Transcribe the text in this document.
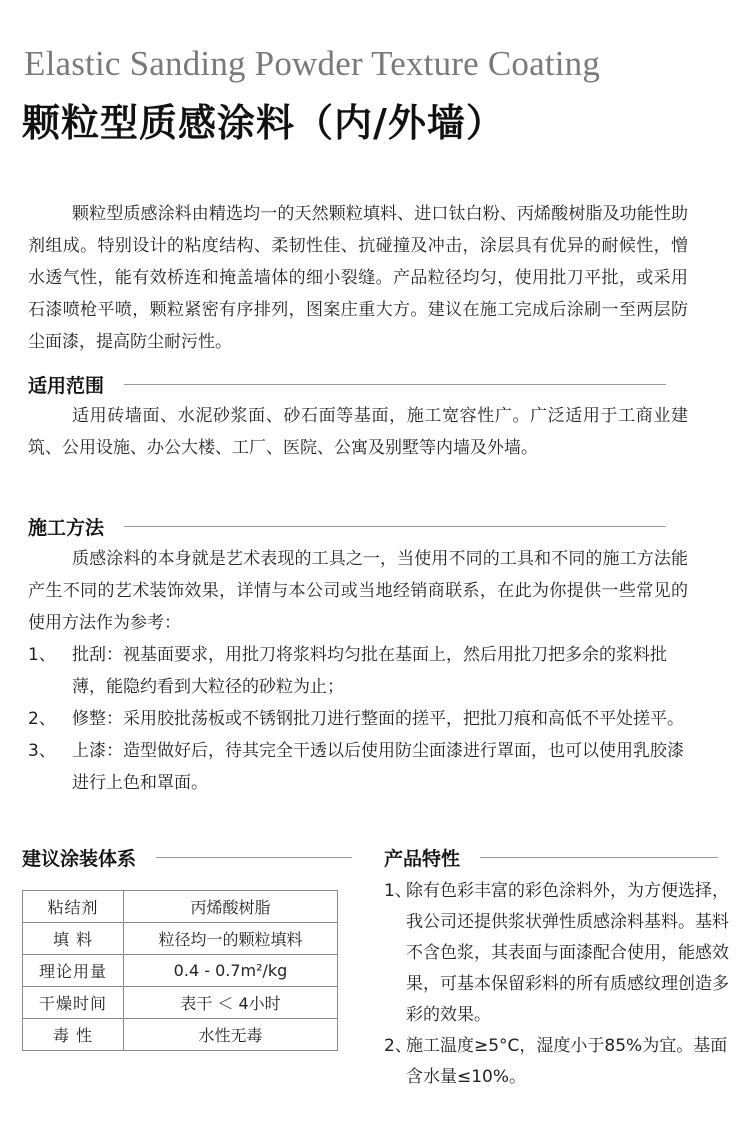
Elastic Sanding Powder Texture Coating
颗粒型质感涂料（内/外墙）
颗粒型质感涂料由精选均一的天然颗粒填料、进口钛白粉、丙烯酸树脂及功能性助剂组成。特别设计的粘度结构、柔韧性佳、抗碰撞及冲击，涂层具有优异的耐候性，憎水透气性，能有效桥连和掩盖墙体的细小裂缝。产品粒径均匀，使用批刀平批，或采用石漆喷枪平喷，颗粒紧密有序排列，图案庄重大方。建议在施工完成后涂刷一至两层防尘面漆，提高防尘耐污性。
适用范围
适用砖墙面、水泥砂浆面、砂石面等基面，施工宽容性广。广泛适用于工商业建筑、公用设施、办公大楼、工厂、医院、公寓及别墅等内墙及外墙。
施工方法
质感涂料的本身就是艺术表现的工具之一，当使用不同的工具和不同的施工方法能产生不同的艺术装饰效果，详情与本公司或当地经销商联系，在此为你提供一些常见的使用方法作为参考：
1、 批刮：视基面要求，用批刀将浆料均匀批在基面上，然后用批刀把多余的浆料批薄，能隐约看到大粒径的砂粒为止；
2、 修整：采用胶批荡板或不锈钢批刀进行整面的搓平，把批刀痕和高低不平处搓平。
3、 上漆：造型做好后，待其完全干透以后使用防尘面漆进行罩面，也可以使用乳胶漆进行上色和罩面。
建议涂装体系
粘结剂	丙烯酸树脂
填 料	粒径均一的颗粒填料
理论用量	0.4 - 0.7m²/kg
干燥时间	表干 ＜ 4小时
毒 性	水性无毒
产品特性
1、
除有色彩丰富的彩色涂料外，为方便选择，我公司还提供浆状弹性质感涂料基料。基料不含色浆，其表面与面漆配合使用，能感效果，可基本保留彩料的所有质感纹理创造多彩的效果。
2、
施工温度≥5°C，湿度小于85%为宜。基面含水量≤10%。
